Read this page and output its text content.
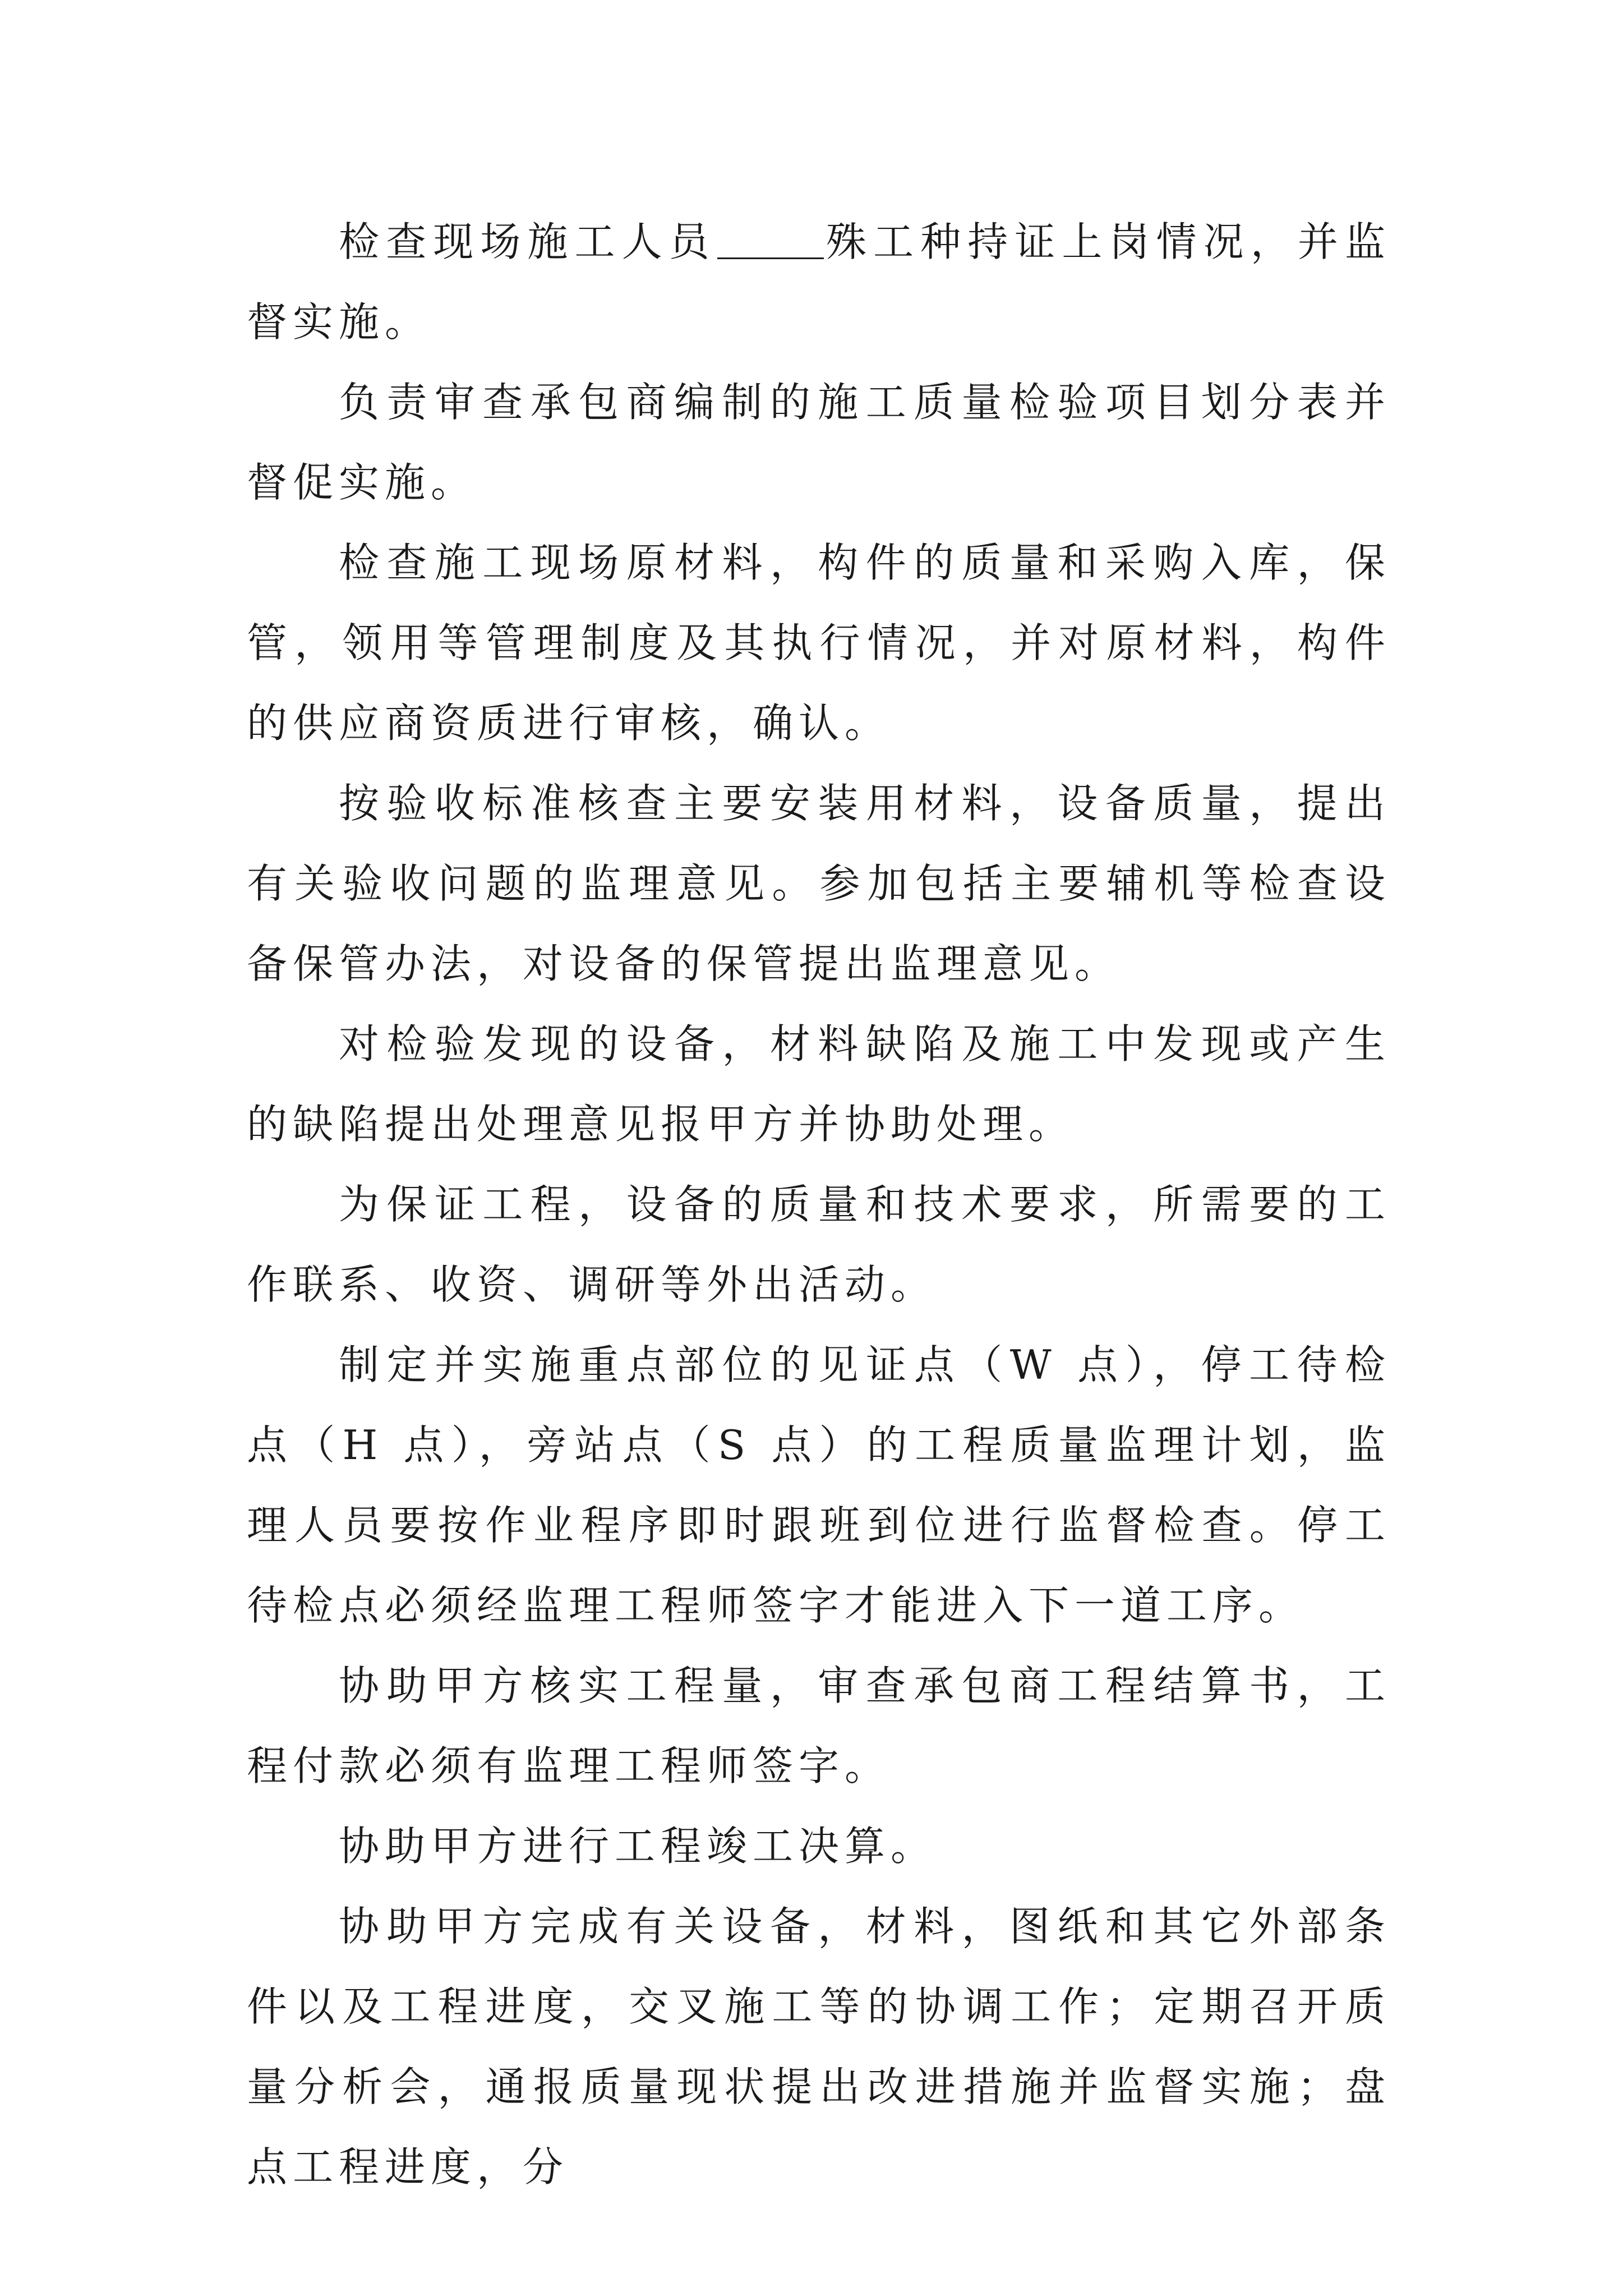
检查现场施工人员	殊工种持证上岗情况，并监督实施。

负责审查承包商编制的施工质量检验项目划分表并督促实施。

检查施工现场原材料，构件的质量和采购入库，保管，领用等管理制度及其执行情况，并对原材料，构件的供应商资质进行审核，确认。

按验收标准核查主要安装用材料，设备质量，提出有关验收问题的监理意见。参加包括主要辅机等检查设备保管办法，对设备的保管提出监理意见。

对检验发现的设备，材料缺陷及施工中发现或产生的缺陷提出处理意见报甲方并协助处理。

为保证工程，设备的质量和技术要求，所需要的工作联系、收资、调研等外出活动。

制定并实施重点部位的见证点（W 点），停工待检点（H 点），旁站点（S 点）的工程质量监理计划，监理人员要按作业程序即时跟班到位进行监督检查。停工待检点必须经监理工程师签字才能进入下一道工序。

协助甲方核实工程量，审查承包商工程结算书，工程付款必须有监理工程师签字。

协助甲方进行工程竣工决算。

协助甲方完成有关设备，材料，图纸和其它外部条件以及工程进度，交叉施工等的协调工作；定期召开质量分析会，通报质量现状提出改进措施并监督实施；盘点工程进度，分
